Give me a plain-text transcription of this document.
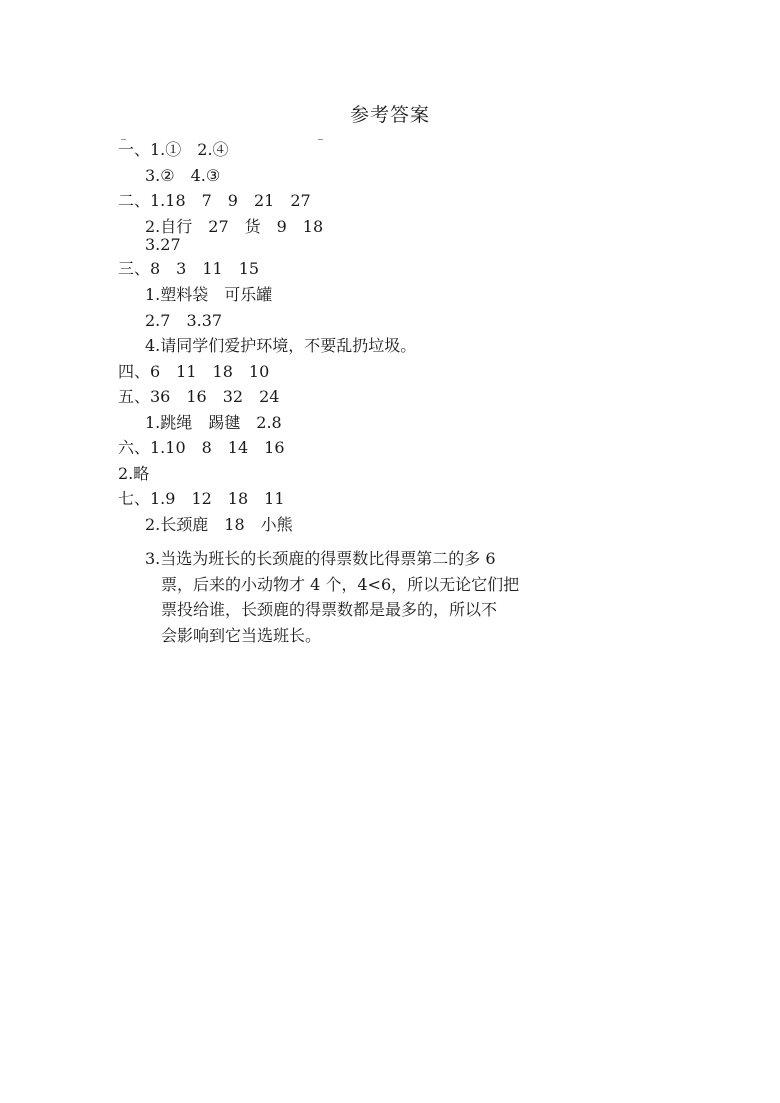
参考答案
一、1.①　2.④
3.②　4.③
二、1.18　7　9　21　27
2.自行　27　货　9　18
3.27
三、8　3　11　15
1.塑料袋　可乐罐
2.7　3.37
4.请同学们爱护环境，不要乱扔垃圾。
四、6　11　18　10
五、36　16　32　24
1.跳绳　踢毽　2.8
六、1.10　8　14　16
2.略
七、1.9　12　18　11
2.长颈鹿　18　小熊

3.当选为班长的长颈鹿的得票数比得票第二的多 6

票，后来的小动物才 4 个，4<6，所以无论它们把

票投给谁，长颈鹿的得票数都是最多的，所以不

会影响到它当选班长。
